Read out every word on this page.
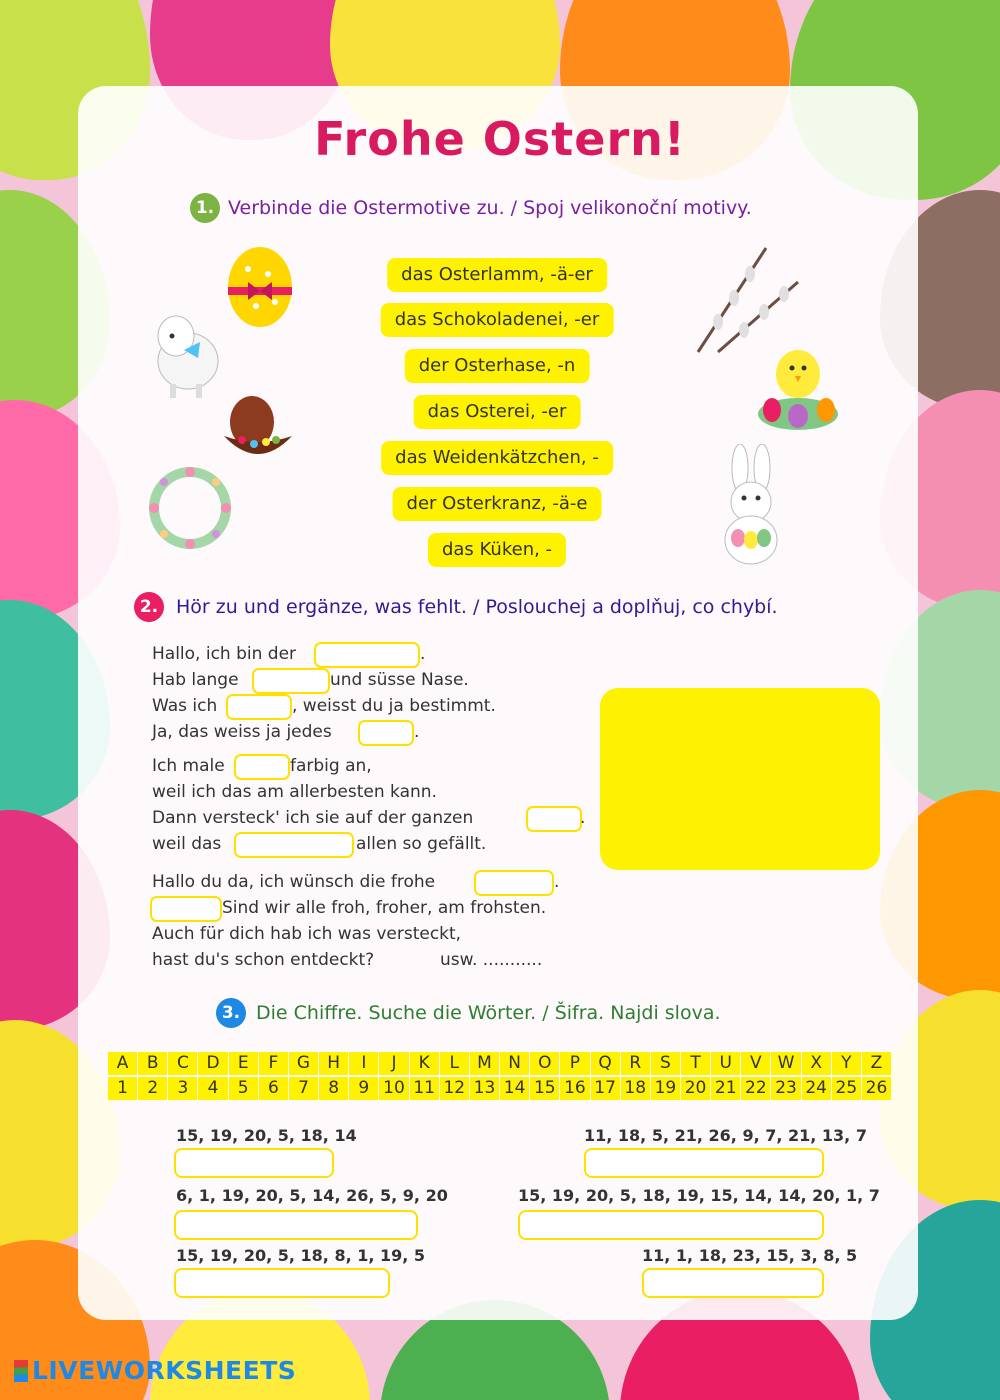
Frohe Ostern!
1. Verbinde die Ostermotive zu. / Spoj velikonoční motivy.
das Osterlamm, -ä-er
das Schokoladenei, -er
der Osterhase, -n
das Osterei, -er
das Weidenkätzchen, -
der Osterkranz, -ä-e
das Küken, -
2. Hör zu und ergänze, was fehlt. / Poslouchej a doplňuj, co chybí.
Hallo, ich bin der	.
Hab lange	und süsse Nase.
Was ich	, weisst du ja bestimmt.
Ja, das weiss ja jedes	.
Ich male	farbig an,
weil ich das am allerbesten kann.
Dann versteck' ich sie auf der ganzen	.
weil das	allen so gefällt.
Hallo du da, ich wünsch die frohe	.
Sind wir alle froh, froher, am frohsten.
Auch für dich hab ich was versteckt,
hast du's schon entdeckt?	usw. ...........
3. Die Chiffre. Suche die Wörter. / Šifra. Najdi slova.
A	B	C	D	E	F	G	H	I	J	K	L	M N	O	P	Q	R	S	T	U	V W X	Y	Z
1	2	3	4	5	6	7	8	9 10 11 12 13 14 15 16 17 18 19 20 21 22 23 24 25 26
15, 19, 20, 5, 18, 14	11, 18, 5, 21, 26, 9, 7, 21, 13, 7
6, 1, 19, 20, 5, 14, 26, 5, 9, 20	15, 19, 20, 5, 18, 19, 15, 14, 14, 20, 1, 7
15, 19, 20, 5, 18, 8, 1, 19, 5	11, 1, 18, 23, 15, 3, 8, 5
LIVEWORKSHEETS
